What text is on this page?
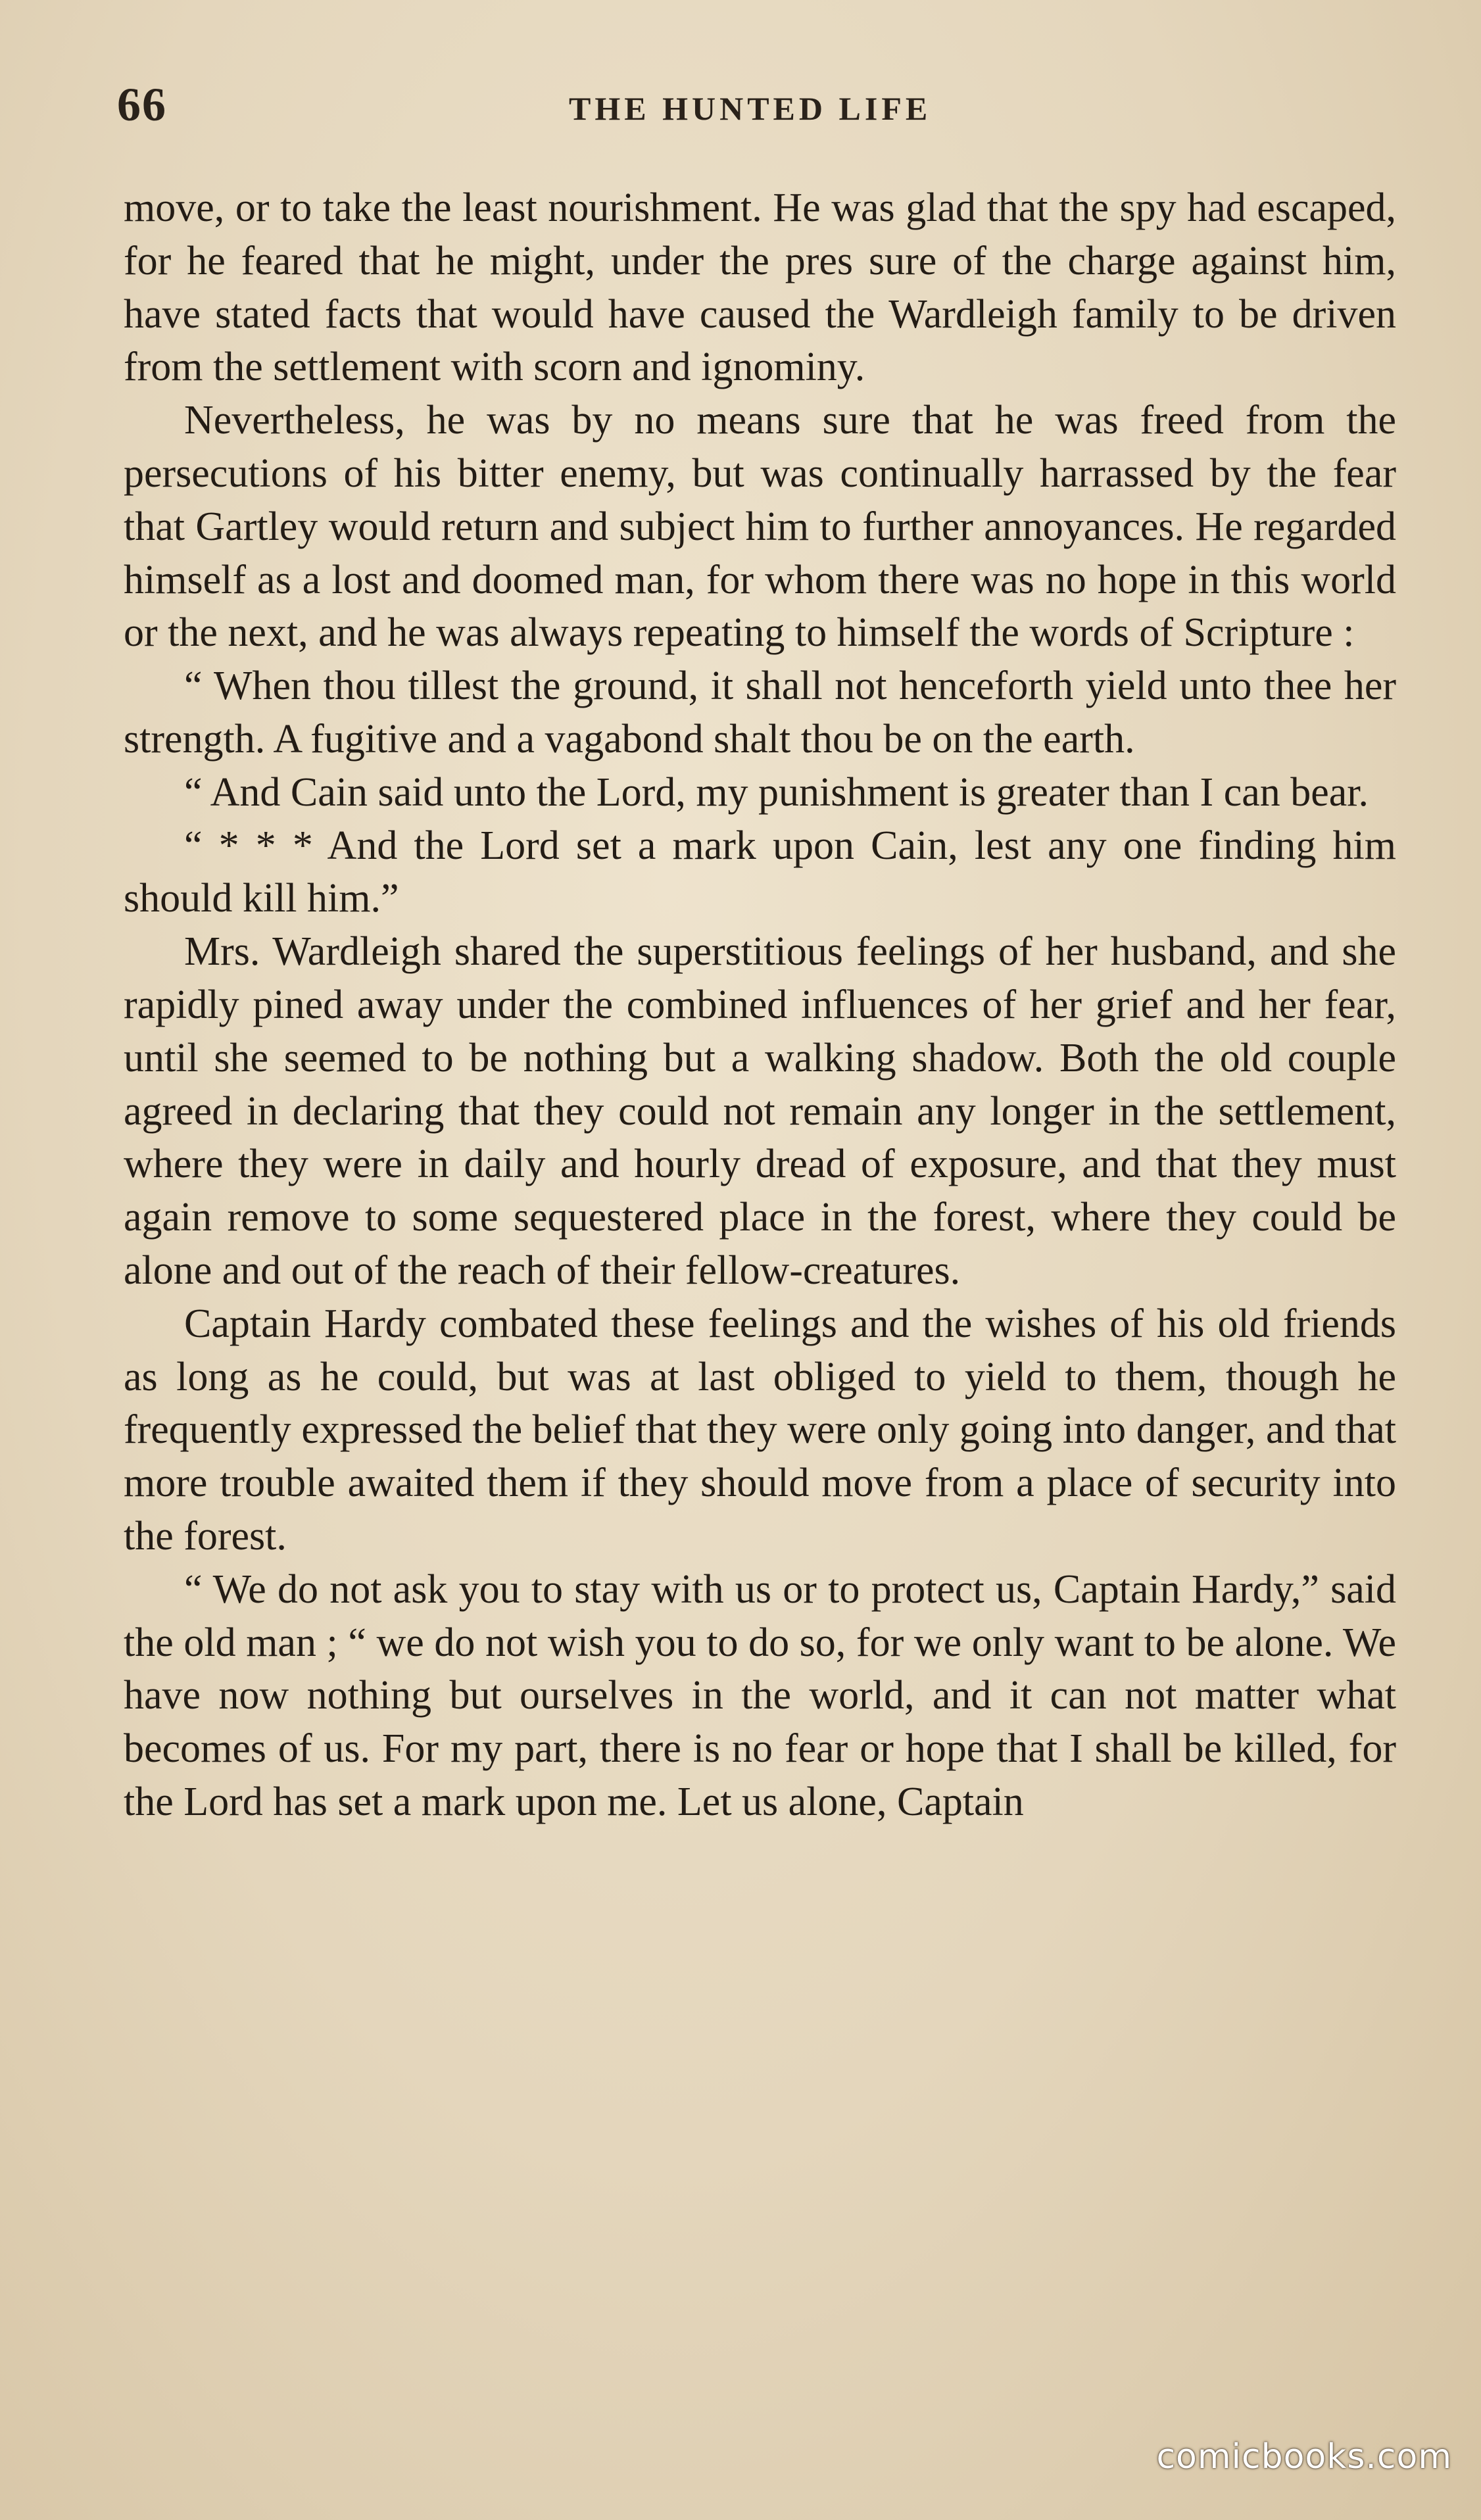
66	THE HUNTED LIFE

move, or to take the least nourishment. He was glad that the spy had escaped, for he feared that he might, under the pres sure of the charge against him, have stated facts that would have caused the Wardleigh family to be driven from the settlement with scorn and ignominy.

Nevertheless, he was by no means sure that he was freed from the persecutions of his bitter enemy, but was continually harrassed by the fear that Gartley would return and subject him to further annoyances. He regarded himself as a lost and doomed man, for whom there was no hope in this world or the next, and he was always repeating to himself the words of Scripture :

“ When thou tillest the ground, it shall not henceforth yield unto thee her strength. A fugitive and a vagabond shalt thou be on the earth.

“ And Cain said unto the Lord, my punishment is greater than I can bear.

“ * * * And the Lord set a mark upon Cain, lest any one finding him should kill him.”

Mrs. Wardleigh shared the superstitious feelings of her husband, and she rapidly pined away under the combined influences of her grief and her fear, until she seemed to be nothing but a walking shadow. Both the old couple agreed in declaring that they could not remain any longer in the settlement, where they were in daily and hourly dread of exposure, and that they must again remove to some sequestered place in the forest, where they could be alone and out of the reach of their fellow-creatures.

Captain Hardy combated these feelings and the wishes of his old friends as long as he could, but was at last obliged to yield to them, though he frequently expressed the belief that they were only going into danger, and that more trouble awaited them if they should move from a place of security into the forest.

“ We do not ask you to stay with us or to protect us, Captain Hardy,” said the old man ; “ we do not wish you to do so, for we only want to be alone. We have now nothing but ourselves in the world, and it can not matter what becomes of us. For my part, there is no fear or hope that I shall be killed, for the Lord has set a mark upon me. Let us alone, Captain

comicbooks.com
